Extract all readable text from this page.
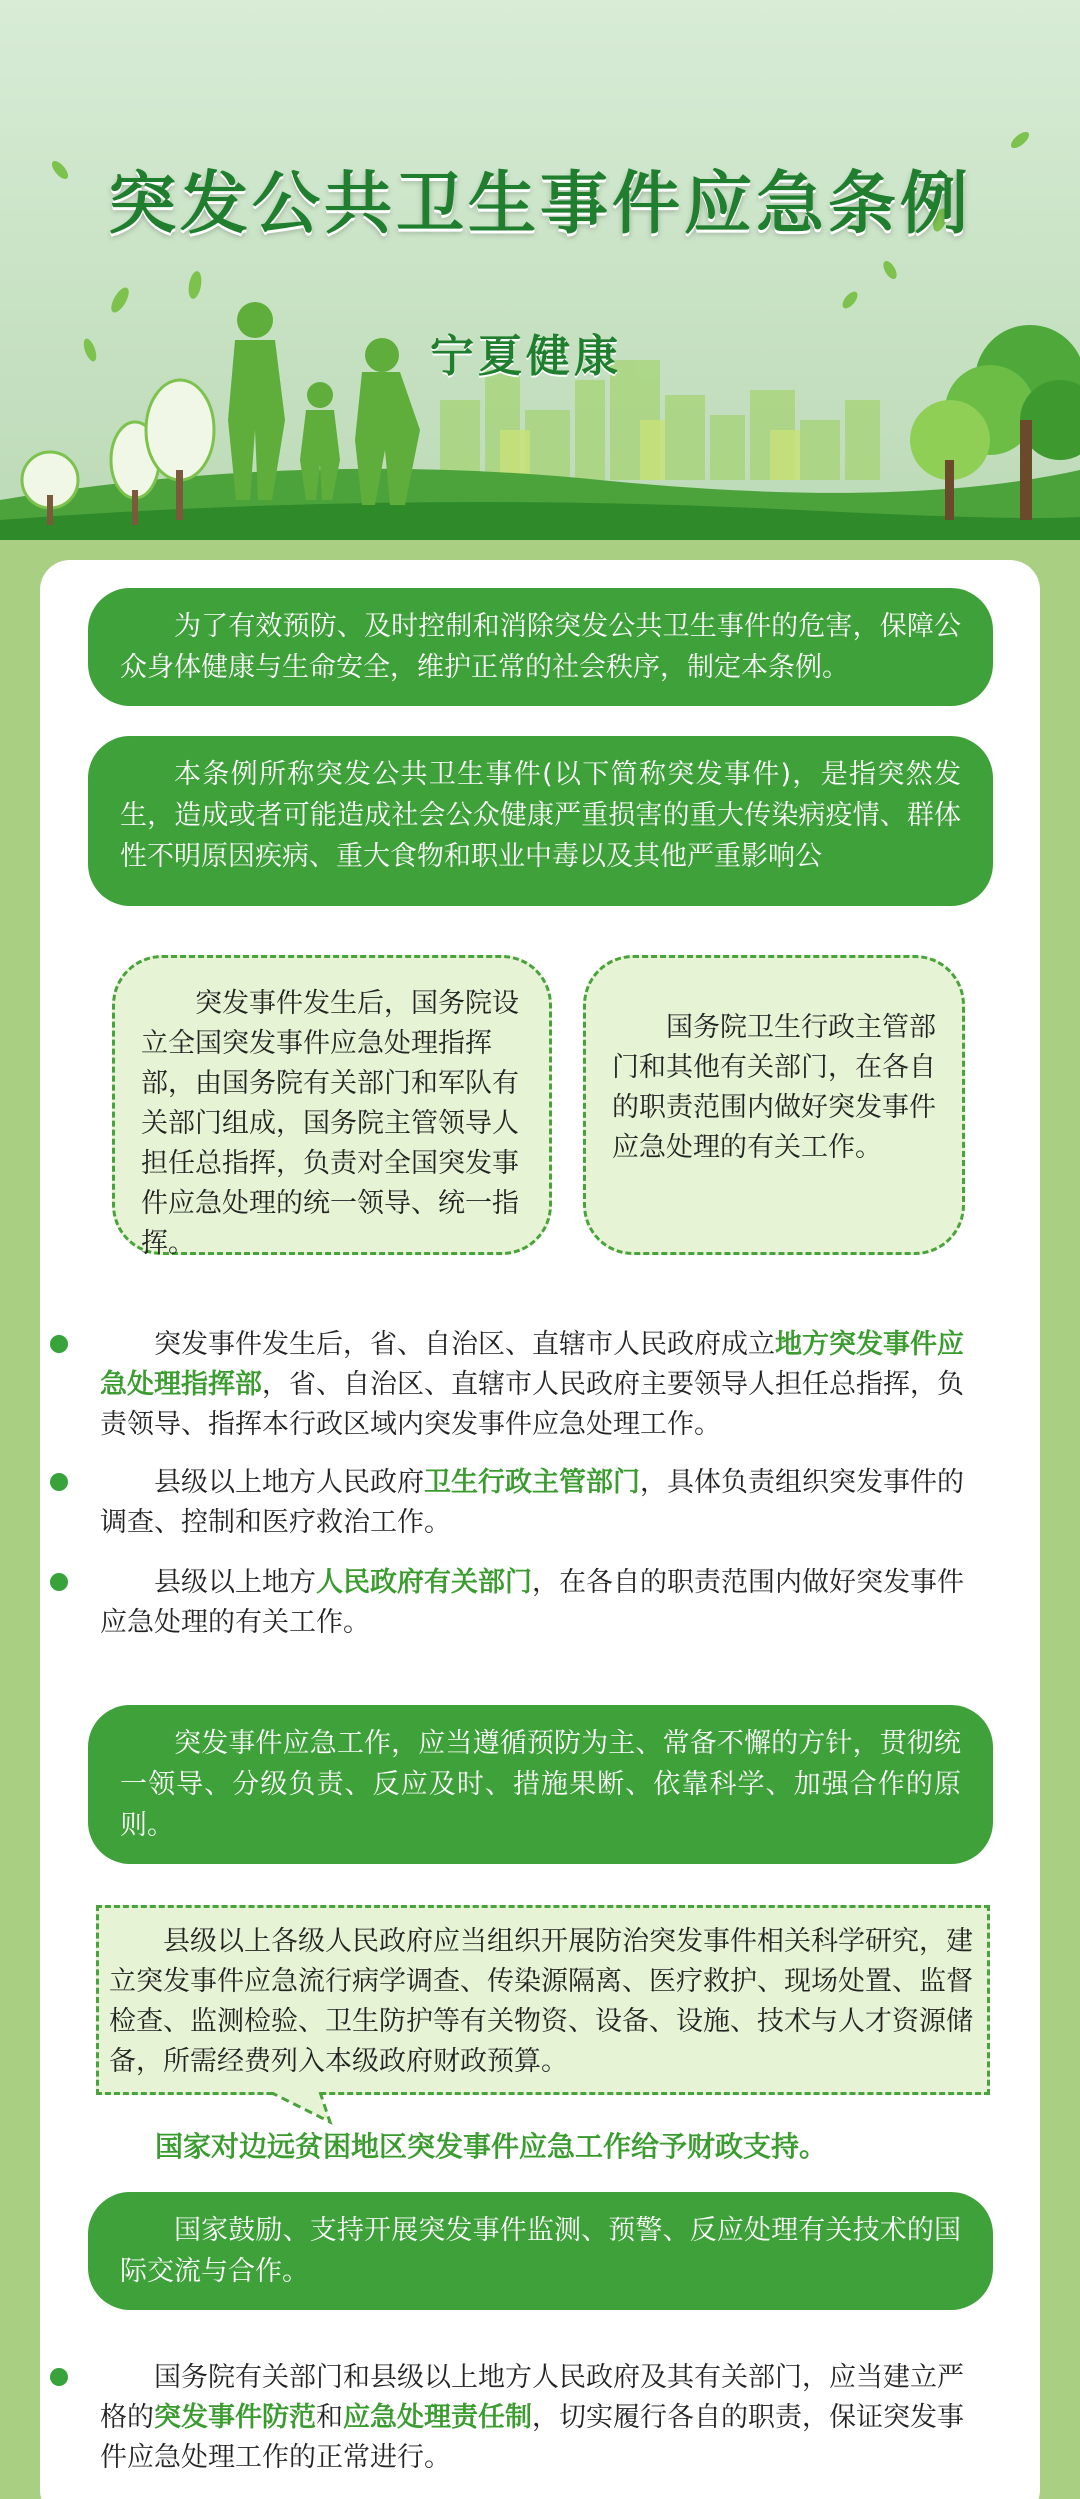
突发公共卫生事件应急条例
宁夏健康
为了有效预防、及时控制和消除突发公共卫生事件的危害，保障公众身体健康与生命安全，维护正常的社会秩序，制定本条例。
本条例所称突发公共卫生事件(以下简称突发事件)，是指突然发生，造成或者可能造成社会公众健康严重损害的重大传染病疫情、群体性不明原因疾病、重大食物和职业中毒以及其他严重影响公
突发事件发生后，国务院设立全国突发事件应急处理指挥部，由国务院有关部门和军队有关部门组成，国务院主管领导人担任总指挥，负责对全国突发事件应急处理的统一领导、统一指挥。
国务院卫生行政主管部门和其他有关部门，在各自的职责范围内做好突发事件应急处理的有关工作。
突发事件发生后，省、自治区、直辖市人民政府成立地方突发事件应急处理指挥部，省、自治区、直辖市人民政府主要领导人担任总指挥，负责领导、指挥本行政区域内突发事件应急处理工作。
县级以上地方人民政府卫生行政主管部门，具体负责组织突发事件的调查、控制和医疗救治工作。
县级以上地方人民政府有关部门，在各自的职责范围内做好突发事件应急处理的有关工作。
突发事件应急工作，应当遵循预防为主、常备不懈的方针，贯彻统一领导、分级负责、反应及时、措施果断、依靠科学、加强合作的原则。
县级以上各级人民政府应当组织开展防治突发事件相关科学研究，建立突发事件应急流行病学调查、传染源隔离、医疗救护、现场处置、监督检查、监测检验、卫生防护等有关物资、设备、设施、技术与人才资源储备，所需经费列入本级政府财政预算。
国家对边远贫困地区突发事件应急工作给予财政支持。
国家鼓励、支持开展突发事件监测、预警、反应处理有关技术的国际交流与合作。
国务院有关部门和县级以上地方人民政府及其有关部门，应当建立严格的突发事件防范和应急处理责任制，切实履行各自的职责，保证突发事件应急处理工作的正常进行。
